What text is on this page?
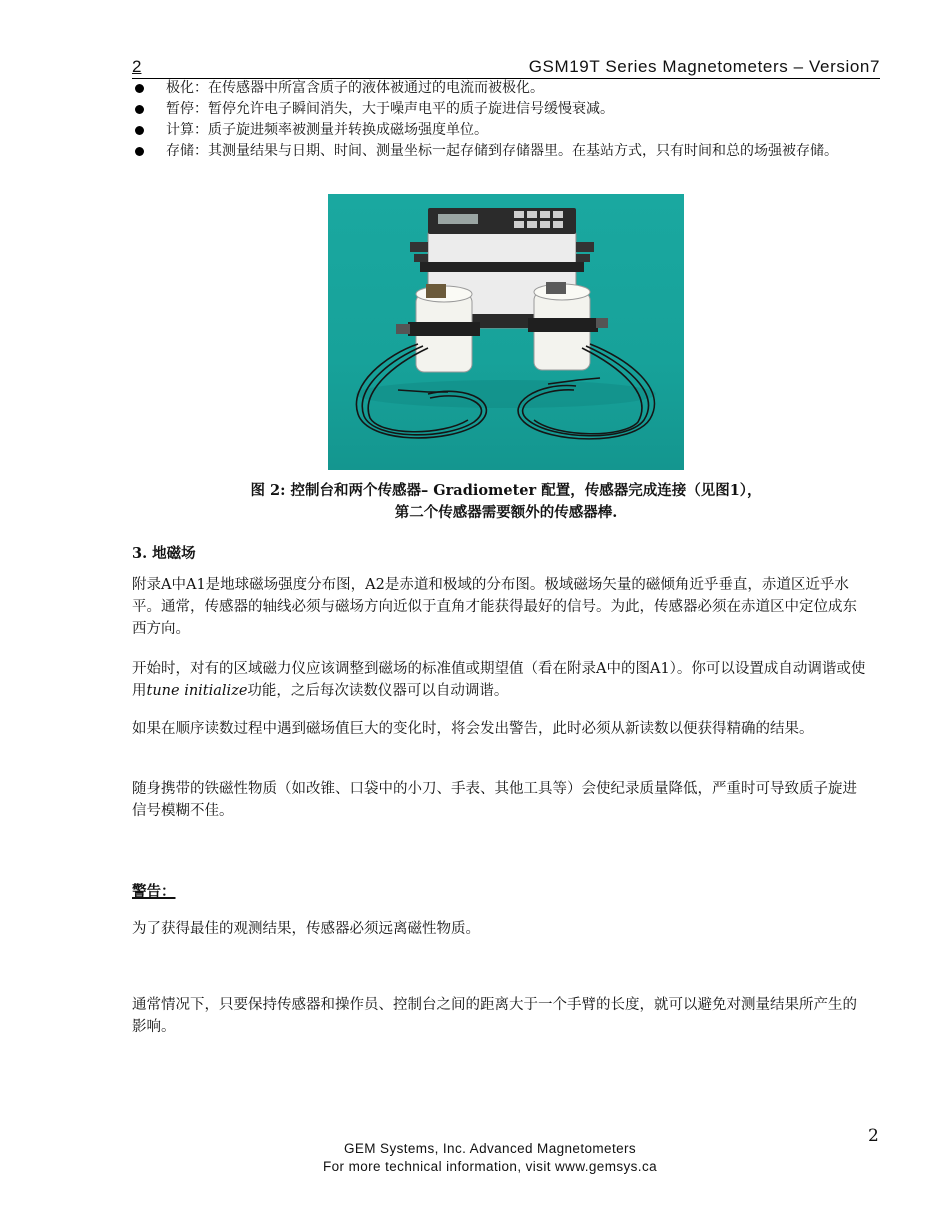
2	GSM19T Series Magnetometers – Version7
极化：在传感器中所富含质子的液体被通过的电流而被极化。
暂停：暂停允许电子瞬间消失，大于噪声电平的质子旋进信号缓慢衰减。
计算：质子旋进频率被测量并转换成磁场强度单位。
存储：其测量结果与日期、时间、测量坐标一起存储到存储器里。在基站方式，只有时间和总的场强被存储。
图 2: 控制台和两个传感器– Gradiometer 配置，传感器完成连接（见图1），
第二个传感器需要额外的传感器棒.
3. 地磁场

附录A中A1是地球磁场强度分布图，A2是赤道和极域的分布图。极域磁场矢量的磁倾角近乎垂直，赤道区近乎水平。通常，传感器的轴线必须与磁场方向近似于直角才能获得最好的信号。为此，传感器必须在赤道区中定位成东西方向。

开始时，对有的区域磁力仪应该调整到磁场的标准值或期望值（看在附录A中的图A1）。你可以设置成自动调谐或使用tune initialize功能，之后每次读数仪器可以自动调谐。

如果在顺序读数过程中遇到磁场值巨大的变化时，将会发出警告，此时必须从新读数以便获得精确的结果。

随身携带的铁磁性物质（如改锥、口袋中的小刀、手表、其他工具等）会使纪录质量降低，严重时可导致质子旋进信号模糊不佳。

警告：

为了获得最佳的观测结果，传感器必须远离磁性物质。

通常情况下，只要保持传感器和操作员、控制台之间的距离大于一个手臂的长度，就可以避免对测量结果所产生的影响。

2
GEM Systems, Inc. Advanced Magnetometers
For more technical information, visit www.gemsys.ca
